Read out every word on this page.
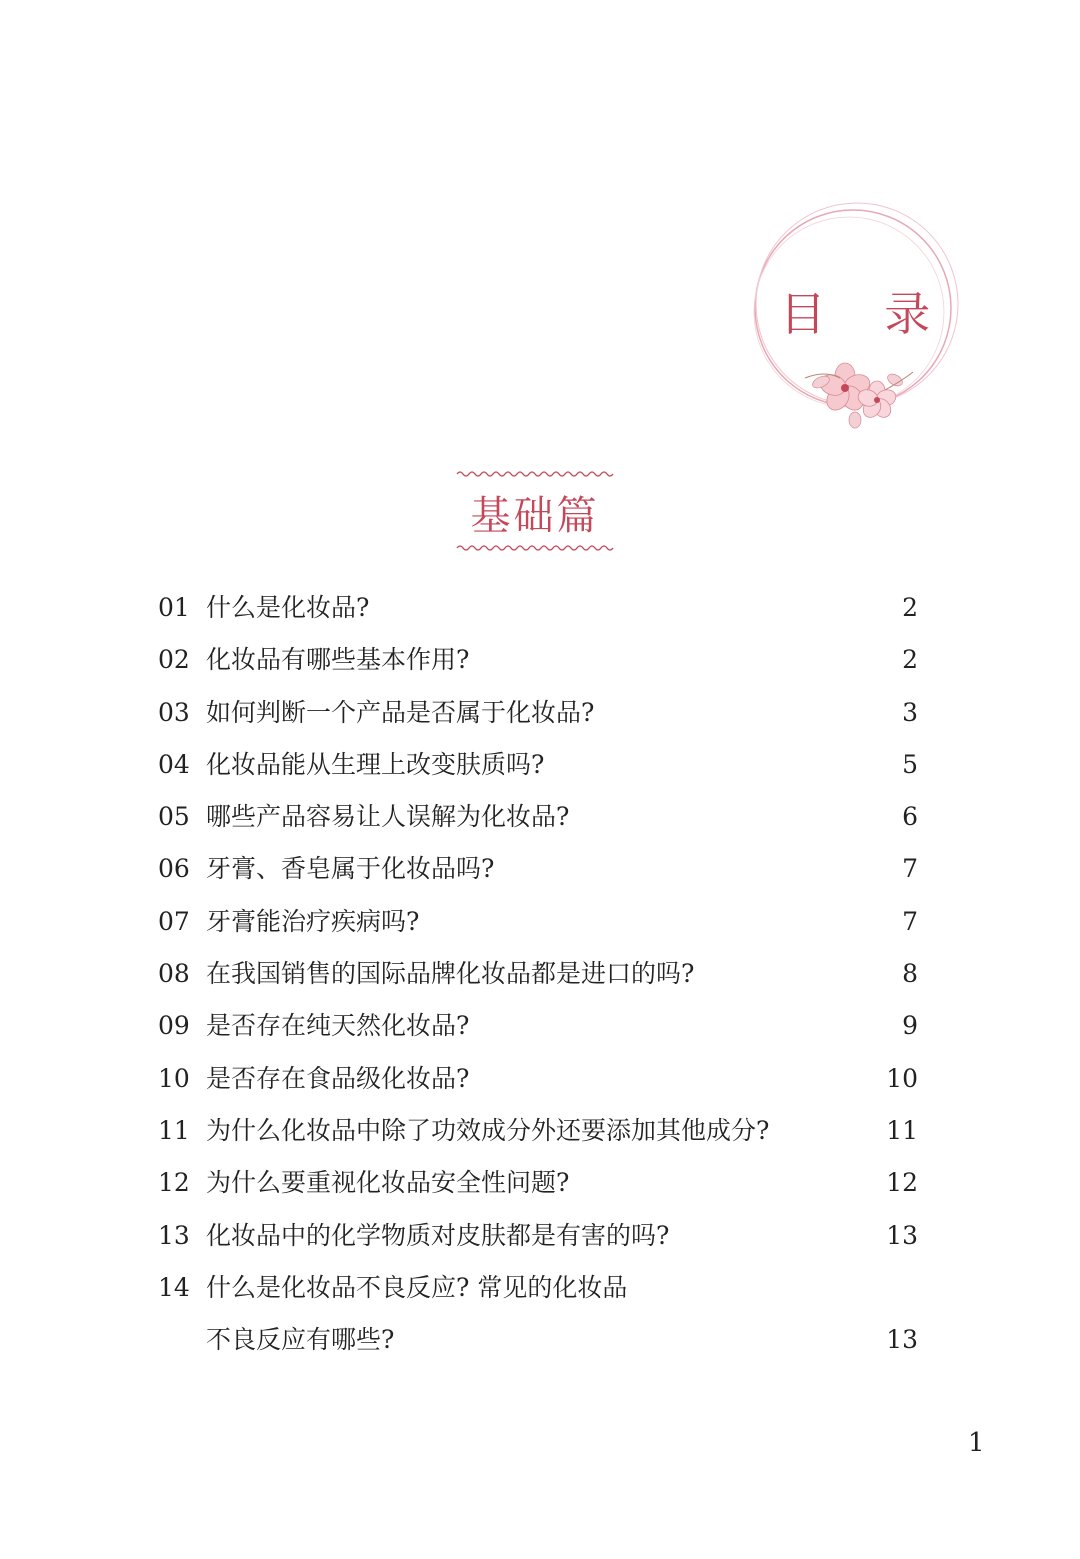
目 录
基础篇
01 什么是化妆品?	2
02 化妆品有哪些基本作用?	2
03 如何判断一个产品是否属于化妆品?	3
04 化妆品能从生理上改变肤质吗?	5
05 哪些产品容易让人误解为化妆品?	6
06 牙膏、香皂属于化妆品吗?	7
07 牙膏能治疗疾病吗?	7
08 在我国销售的国际品牌化妆品都是进口的吗?	8
09 是否存在纯天然化妆品?	9
10 是否存在食品级化妆品?	10
11 为什么化妆品中除了功效成分外还要添加其他成分?	11
12 为什么要重视化妆品安全性问题?	12
13 化妆品中的化学物质对皮肤都是有害的吗?	13
14 什么是化妆品不良反应? 常见的化妆品
不良反应有哪些?	13
1
